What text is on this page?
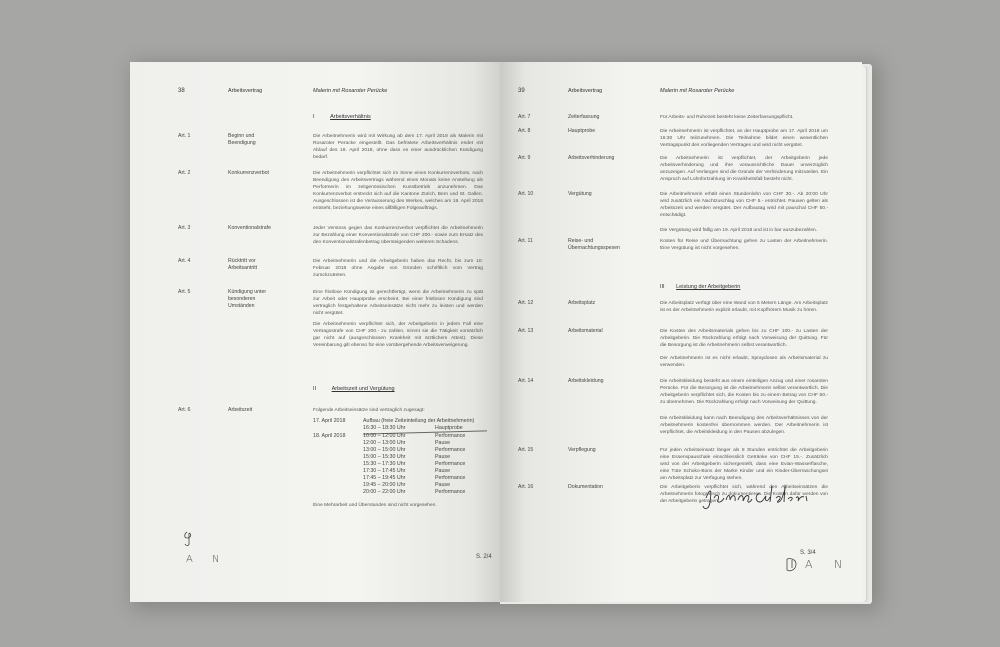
38	Arbeitsvertrag	Malerin mit Rosaroter Perücke
I	Arbeitsverhältnis
Art. 1	Beginn und Beendigung
Die Arbeitnehmerin wird mit Wirkung ab dem 17. April 2018 als Malerin mit Rosaroter Perücke eingestellt. Das befristete Arbeitsverhältnis endet mit Ablauf des 18. April 2018, ohne dass es einer ausdrücklichen Kündigung bedarf.
Art. 2	Konkurrenzverbot	Die Arbeitnehmerin verpflichtet sich im Sinne eines Konkurrenzverbots, nach Beendigung des Arbeitsvertrags während eines Monats keine Anstellung als Performerin im zeitgenössischen Kunstbetrieb anzunehmen. Das Konkurrenzverbot erstreckt sich auf die Kantone Zürich, Bern und St. Gallen. Ausgeschlossen ist die Veräusserung des Werkes, welches am 19. April 2018 entsteht, beziehungsweise eines allfälligen Folgeauftrags.
Art. 3	Konventionalstrafe	Jeder Verstoss gegen das Konkurrenzverbot verpflichtet die Arbeitnehmerin zur Bezahlung einer Konventionalstrafe von CHF 200.- sowie zum Ersatz des den Konventionalstrafenbetrag übersteigenden weiteren Schadens.
Art. 4	Rücktritt vor Arbeitsantritt
Die Arbeitnehmerin und die Arbeitgeberin haben das Recht, bis zum 10. Februar 2018 ohne Angabe von Gründen schriftlich vom Vertrag zurückzutreten.
Art. 5	Kündigung unter besonderen Umständen
Eine fristlose Kündigung ist gerechtfertigt, wenn die Arbeitnehmerin zu spät zur Arbeit oder Hauptprobe erscheint. Bei einer fristlosen Kündigung sind vertraglich festgehaltene Arbeitseinsätze nicht mehr zu leisten und werden nicht vergütet.
Die Arbeitnehmerin verpflichtet sich, der Arbeitgeberin in jedem Fall eine Vertragsstrafe von CHF 200.- zu zahlen, nimmt sie die Tätigkeit vorsätzlich gar nicht auf (ausgeschlossen Krankheit mit ärztlichem Attest). Diese Vereinbarung gilt ebenso für eine vorübergehende Arbeitsverweigerung.
II	Arbeitszeit und Vergütung
Art. 6	Arbeitszeit	Folgende Arbeitseinsätze sind vertraglich zugesagt:
17. April 2018	Aufbau (freie Zeiteinteilung der Arbeitnehmerin)
16:30 – 18:30 Uhr	Hauptprobe
18. April 2018	10:00 – 12:00 Uhr	Performance
12:00 – 13:00 Uhr	Pause
13:00 – 15:00 Uhr	Performance
15:00 – 15:30 Uhr	Pause
15:30 – 17:30 Uhr	Performance
17:30 – 17:45 Uhr	Pause
17:45 – 19:45 Uhr	Performance
19:45 – 20:00 Uhr	Pause
20:00 – 22:00 Uhr	Performance
Eine Mehrarbeit und Überstunden sind nicht vorgesehen.
S. 2/4
A N
39	Arbeitsvertrag	Malerin mit Rosaroter Perücke
Art. 7	Zeiterfassung	Für Arbeits- und Ruhezeit besteht keine Zeiterfassungspflicht.
Art. 8	Hauptprobe	Die Arbeitnehmerin ist verpflichtet, an der Hauptprobe am 17. April 2018 um 16:30 Uhr teilzunehmen. Die Teilnahme bildet einen wesentlichen Vertragspunkt des vorliegenden Vertrages und wird nicht vergütet.
Art. 9	Arbeitsverhinderung	Die Arbeitnehmerin ist verpflichtet, der Arbeitgeberin jede Arbeitsverhinderung und ihre voraussichtliche Dauer unverzüglich anzuzeigen. Auf Verlangen sind die Gründe der Verhinderung mitzuteilen. Ein Anspruch auf Lohnfortzahlung im Krankheitsfall besteht nicht.
Art. 10	Vergütung	Die Arbeitnehmerin erhält einen Stundenlohn von CHF 30.-. Ab 20:00 Uhr wird zusätzlich ein Nachtzuschlag von CHF 5.- entrichtet. Pausen gelten als Arbeitszeit und werden vergütet. Der Aufbautag wird mit pauschal CHF 50.- entschädigt.
Die Vergütung wird fällig am 19. April 2018 und ist in bar auszubezahlen.
Art. 11	Reise- und Übernachtungsspesen
Kosten für Reise und Übernachtung gehen zu Lasten der Arbeitnehmerin. Eine Vergütung ist nicht vorgesehen.
III Leistung der Arbeitgeberin
Art. 12	Arbeitsplatz	Die Arbeitsplatz verfügt über eine Wand von 5 Metern Länge. Am Arbeitsplatz ist es der Arbeitnehmerin explizit erlaubt, mit Kopfhörern Musik zu hören.
Art. 13	Arbeitsmaterial	Die Kosten des Arbeitsmaterials gehen bis zu CHF 100.- zu Lasten der Arbeitgeberin. Die Rückzahlung erfolgt nach Vorweisung der Quittung. Für die Besorgung ist die Arbeitnehmerin selbst verantwortlich.
Der Arbeitnehmerin ist es nicht erlaubt, Spraydosen als Arbeitsmaterial zu verwenden.
Art. 14	Arbeitskleidung	Die Arbeitskleidung besteht aus einem einteiligen Anzug und einer rosaroten Perücke. Für die Besorgung ist die Arbeitnehmerin selbst verantwortlich. Die Arbeitgeberin verpflichtet sich, die Kosten bis zu einem Betrag von CHF 50.- zu übernehmen. Die Rückzahlung erfolgt nach Vorweisung der Quittung.
Die Arbeitskleidung kann nach Beendigung des Arbeitsverhältnisses von der Arbeitnehmerin kostenfrei übernommen werden. Der Arbeitnehmerin ist verpflichtet, die Arbeitskleidung in den Pausen abzulegen.
Art. 15	Verpflegung	Für jeden Arbeitseinsatz länger als 8 Stunden entrichtet die Arbeitgeberin eine Essenspauschale einschliesslich Getränke von CHF 15.-. Zusätzlich wird von der Arbeitgeberin sichergestellt, dass eine Evian-Wasserflasche, eine Tüte Schoko-Bons der Marke Kinder und ein Kinder-Überraschungsei am Arbeitsplatz zur Verfügung stehen.
Art. 16	Dokumentation	Die Arbeitgeberin verpflichtet sich, während den Arbeitseinsätzen die Arbeitnehmerin fotografisch zu dokumentieren. Die Kosten dafür werden von der Arbeitgeberin getragen.
S. 3/4
A N
